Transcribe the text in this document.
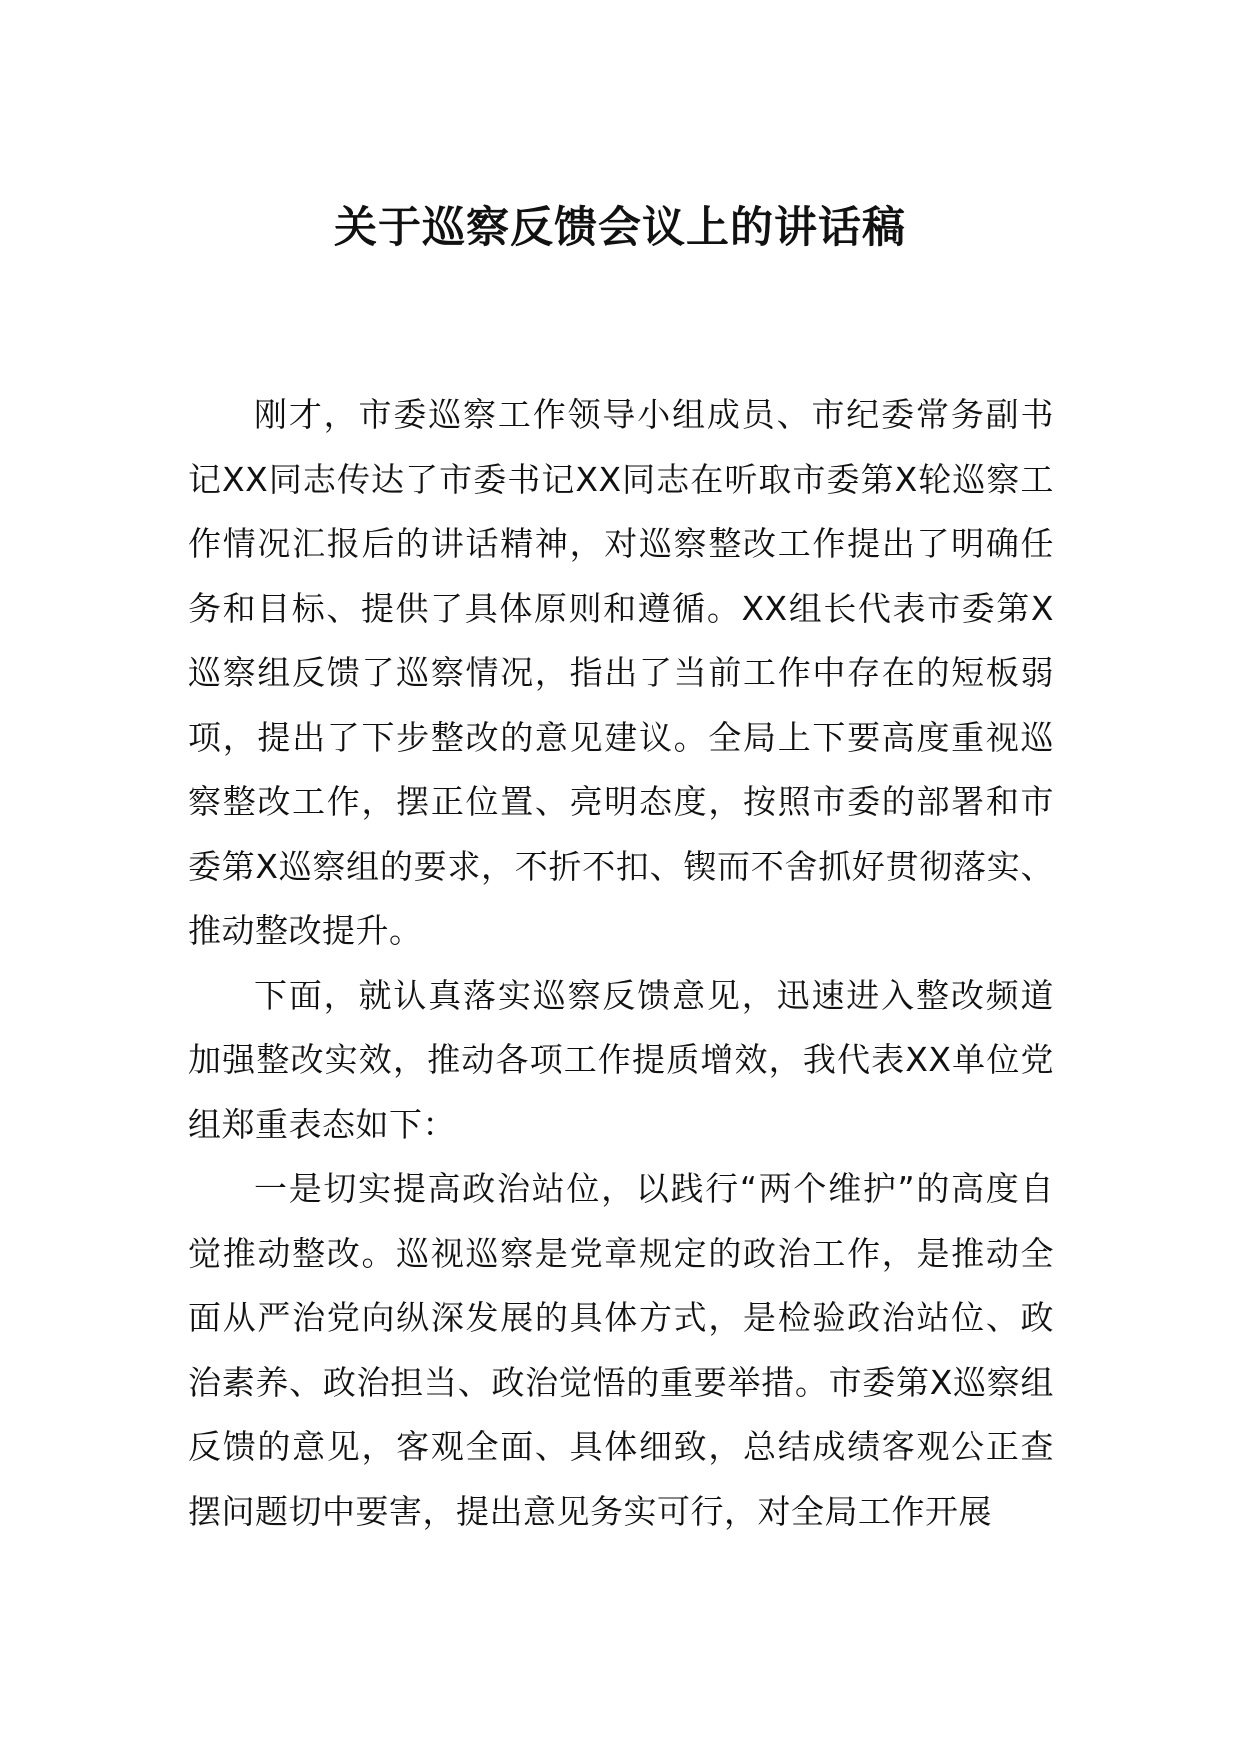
关于巡察反馈会议上的讲话稿

刚才，市委巡察工作领导小组成员、市纪委常务副书记XX同志传达了市委书记XX同志在听取市委第X轮巡察工作情况汇报后的讲话精神，对巡察整改工作提出了明确任务和目标、提供了具体原则和遵循。XX组长代表市委第X巡察组反馈了巡察情况，指出了当前工作中存在的短板弱项，提出了下步整改的意见建议。全局上下要高度重视巡察整改工作，摆正位置、亮明态度，按照市委的部署和市委第X巡察组的要求，不折不扣、锲而不舍抓好贯彻落实、推动整改提升。

下面，就认真落实巡察反馈意见，迅速进入整改频道加强整改实效，推动各项工作提质增效，我代表XX单位党组郑重表态如下：

一是切实提高政治站位，以践行“两个维护”的高度自觉推动整改。巡视巡察是党章规定的政治工作，是推动全面从严治党向纵深发展的具体方式，是检验政治站位、政治素养、政治担当、政治觉悟的重要举措。市委第X巡察组反馈的意见，客观全面、具体细致，总结成绩客观公正查摆问题切中要害，提出意见务实可行，对全局工作开展
